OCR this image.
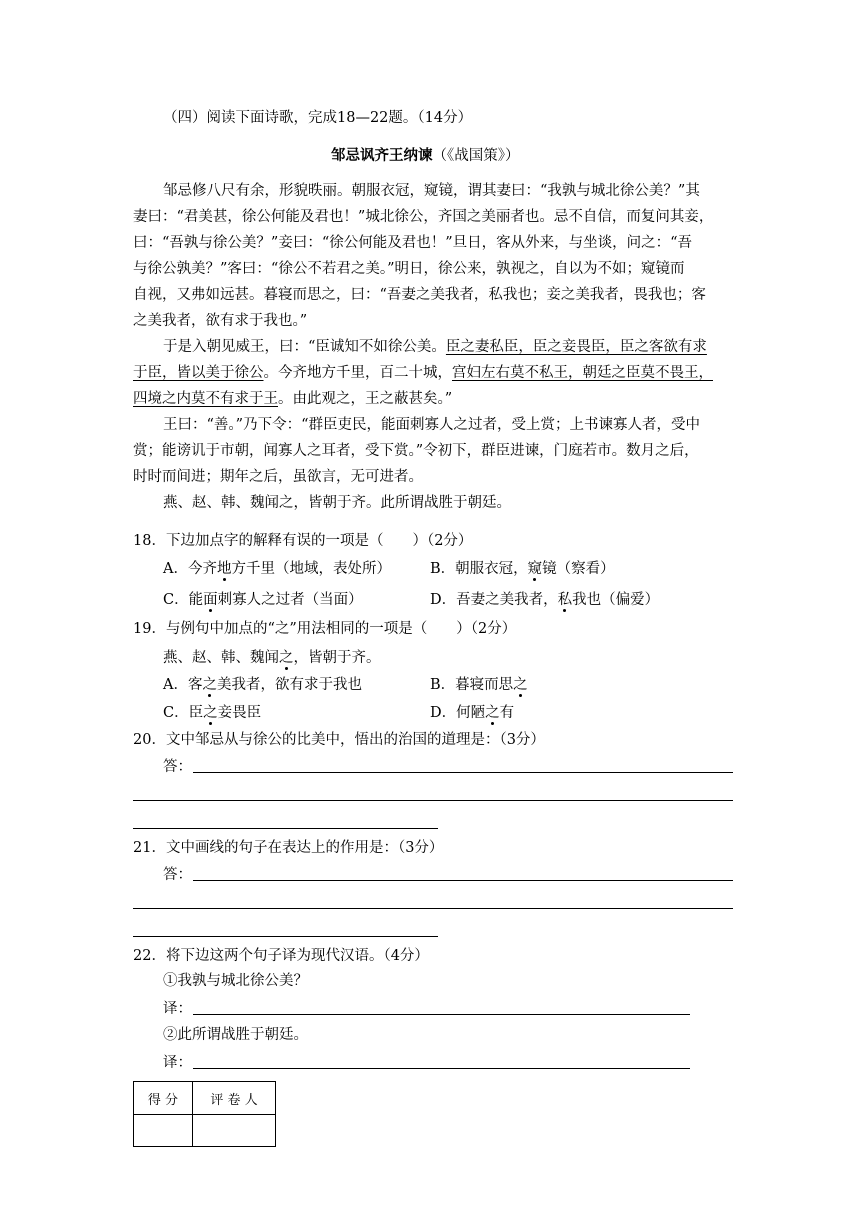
（四）阅读下面诗歌，完成18—22题。（14分）
邹忌讽齐王纳谏（《战国策》）
邹忌修八尺有余，形貌昳丽。朝服衣冠，窥镜，谓其妻曰：“我孰与城北徐公美？”其
妻曰：“君美甚，徐公何能及君也！”城北徐公，齐国之美丽者也。忌不自信，而复问其妾，
曰：“吾孰与徐公美？”妾曰：“徐公何能及君也！”旦日，客从外来，与坐谈，问之：“吾
与徐公孰美？”客曰：“徐公不若君之美。”明日，徐公来，孰视之，自以为不如；窥镜而
自视，又弗如远甚。暮寝而思之，曰：“吾妻之美我者，私我也；妾之美我者，畏我也；客
之美我者，欲有求于我也。”
于是入朝见威王，曰：“臣诚知不如徐公美。臣之妻私臣，臣之妾畏臣，臣之客欲有求
于臣，皆以美于徐公。今齐地方千里，百二十城，宫妇左右莫不私王，朝廷之臣莫不畏王，
四境之内莫不有求于王。由此观之，王之蔽甚矣。”
王曰：“善。”乃下令：“群臣吏民，能面刺寡人之过者，受上赏；上书谏寡人者，受中
赏；能谤讥于市朝，闻寡人之耳者，受下赏。”令初下，群臣进谏，门庭若市。数月之后，
时时而间进；期年之后，虽欲言，无可进者。
燕、赵、韩、魏闻之，皆朝于齐。此所谓战胜于朝廷。
18．下边加点字的解释有误的一项是（　　）（2分）
A．今齐地方千里（地域，表处所）	B．朝服衣冠，窥镜（察看）
C．能面刺寡人之过者（当面）	D．吾妻之美我者，私我也（偏爱）
19．与例句中加点的“之”用法相同的一项是（　　）（2分）
燕、赵、韩、魏闻之，皆朝于齐。
A．客之美我者，欲有求于我也	B．暮寝而思之
C．臣之妾畏臣	D．何陋之有
20．文中邹忌从与徐公的比美中，悟出的治国的道理是：（3分）
答：
21．文中画线的句子在表达上的作用是：（3分）
答：
22．将下边这两个句子译为现代汉语。（4分）
①我孰与城北徐公美？
译：
②此所谓战胜于朝廷。
译：
得 分	评 卷 人
